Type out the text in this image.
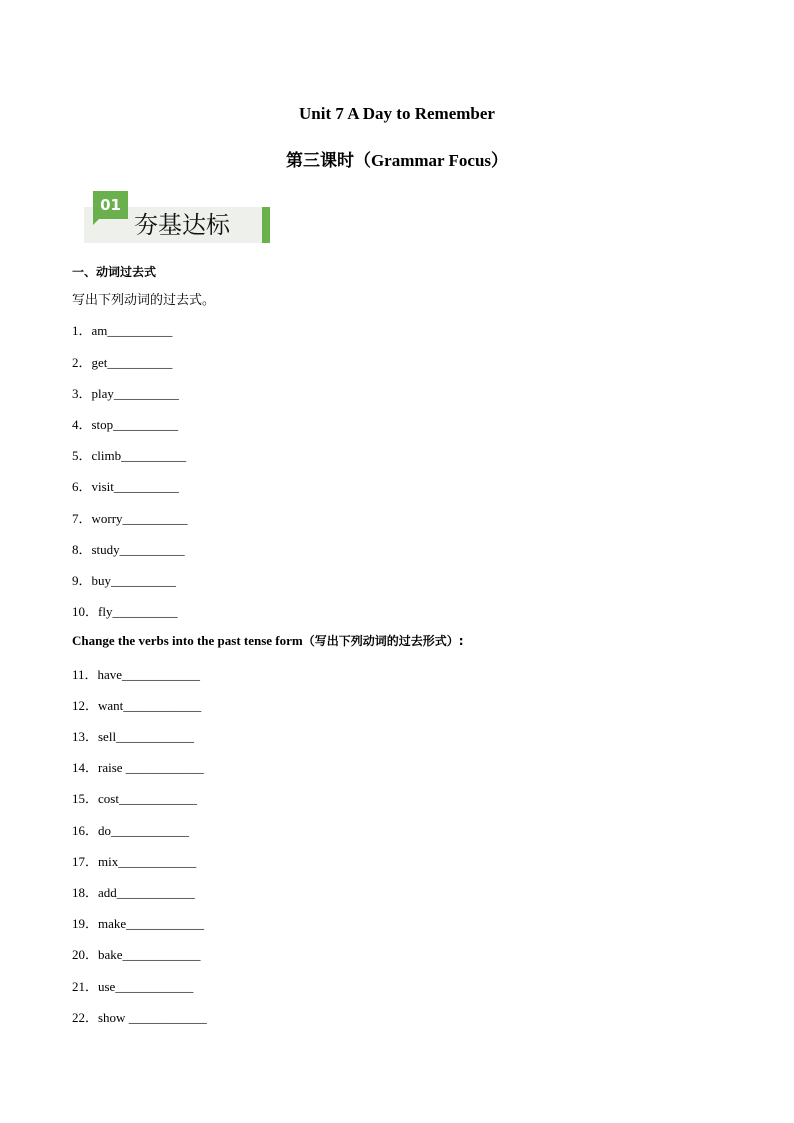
Unit 7 A Day to Remember
第三课时（Grammar Focus）
01
夯基达标
一、动词过去式
写出下列动词的过去式。
1．am__________
2．get__________
3．play__________
4．stop__________
5．climb__________
6．visit__________
7．worry__________
8．study__________
9．buy__________
10．fly__________
Change the verbs into the past tense form（写出下列动词的过去形式）:
11．have____________
12．want____________
13．sell____________
14．raise ____________
15．cost____________
16．do____________
17．mix____________
18．add____________
19．make____________
20．bake____________
21．use____________
22．show ____________
